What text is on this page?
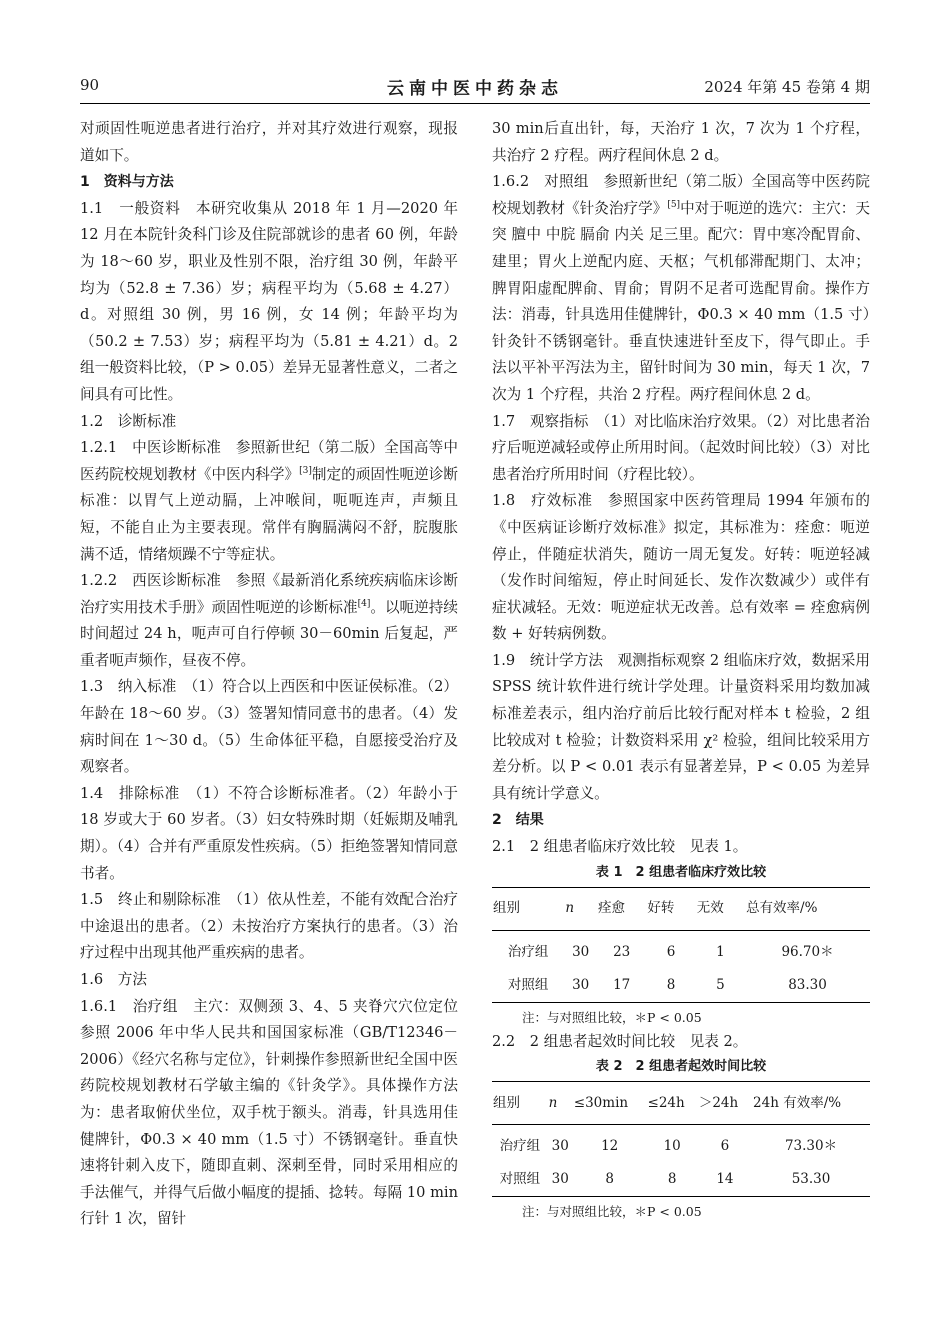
90	云南中医中药杂志	2024 年第 45 卷第 4 期

对顽固性呃逆患者进行治疗，并对其疗效进行观察，现报道如下。

1　资料与方法

1.1　一般资料　本研究收集从 2018 年 1 月—2020 年 12 月在本院针灸科门诊及住院部就诊的患者 60 例，年龄为 18～60 岁，职业及性别不限，治疗组 30 例，年龄平均为（52.8 ± 7.36）岁；病程平均为（5.68 ± 4.27）d。对照组 30 例，男 16 例，女 14 例；年龄平均为（50.2 ± 7.53）岁；病程平均为（5.81 ± 4.21）d。2 组一般资料比较，（P > 0.05）差异无显著性意义，二者之间具有可比性。

1.2　诊断标准

1.2.1　中医诊断标准　参照新世纪（第二版）全国高等中医药院校规划教材《中医内科学》[3]制定的顽固性呃逆诊断标准：以胃气上逆动膈，上冲喉间，呃呃连声，声频且短，不能自止为主要表现。常伴有胸膈满闷不舒，脘腹胀满不适，情绪烦躁不宁等症状。

1.2.2　西医诊断标准　参照《最新消化系统疾病临床诊断治疗实用技术手册》顽固性呃逆的诊断标准[4]。以呃逆持续时间超过 24 h，呃声可自行停顿 30－60min 后复起，严重者呃声频作，昼夜不停。

1.3　纳入标准　（1）符合以上西医和中医证侯标准。（2）年龄在 18～60 岁。（3）签署知情同意书的患者。（4）发病时间在 1～30 d。（5）生命体征平稳，自愿接受治疗及观察者。

1.4　排除标准　（1）不符合诊断标准者。（2）年龄小于 18 岁或大于 60 岁者。（3）妇女特殊时期（妊娠期及哺乳期）。（4）合并有严重原发性疾病。（5）拒绝签署知情同意书者。

1.5　终止和剔除标准　（1）依从性差，不能有效配合治疗中途退出的患者。（2）未按治疗方案执行的患者。（3）治疗过程中出现其他严重疾病的患者。

1.6　方法

1.6.1　治疗组　主穴：双侧颈 3、4、5 夹脊穴穴位定位参照 2006 年中华人民共和国国家标准（GB/T12346－2006）《经穴名称与定位》，针刺操作参照新世纪全国中医药院校规划教材石学敏主编的《针灸学》。具体操作方法为：患者取俯伏坐位，双手枕于额头。消毒，针具选用佳健牌针，Φ0.3 × 40 mm（1.5 寸）不锈钢毫针。垂直快速将针刺入皮下，随即直刺、深刺至骨，同时采用相应的手法催气，并得气后做小幅度的提插、捻转。每隔 10 min 行针 1 次，留针

30 min后直出针，每，天治疗 1 次，7 次为 1 个疗程，共治疗 2 疗程。两疗程间休息 2 d。

1.6.2　对照组　参照新世纪（第二版）全国高等中医药院校规划教材《针灸治疗学》[5]中对于呃逆的选穴：主穴：天突 膻中 中脘 膈俞 内关 足三里。配穴：胃中寒冷配胃俞、建里；胃火上逆配内庭、天枢；气机郁滞配期门、太冲；脾胃阳虚配脾俞、胃俞；胃阴不足者可选配胃俞。操作方法：消毒，针具选用佳健牌针，Φ0.3 × 40 mm（1.5 寸）针灸针不锈钢毫针。垂直快速进针至皮下，得气即止。手法以平补平泻法为主，留针时间为 30 min，每天 1 次，7 次为 1 个疗程，共治 2 疗程。两疗程间休息 2 d。

1.7　观察指标　（1）对比临床治疗效果。（2）对比患者治疗后呃逆减轻或停止所用时间。（起效时间比较）（3）对比患者治疗所用时间（疗程比较）。

1.8　疗效标准　参照国家中医药管理局 1994 年颁布的《中医病证诊断疗效标准》拟定，其标准为：痊愈：呃逆停止，伴随症状消失，随访一周无复发。好转：呃逆轻减（发作时间缩短，停止时间延长、发作次数减少）或伴有症状减轻。无效：呃逆症状无改善。总有效率 = 痊愈病例数 + 好转病例数。

1.9　统计学方法　观测指标观察 2 组临床疗效，数据采用 SPSS 统计软件进行统计学处理。计量资料采用均数加减标准差表示，组内治疗前后比较行配对样本 t 检验，2 组比较成对 t 检验；计数资料采用 χ² 检验，组间比较采用方差分析。以 P < 0.01 表示有显著差异，P < 0.05 为差异具有统计学意义。

2　结果

2.1　2 组患者临床疗效比较　见表 1。

表 1　2 组患者临床疗效比较
组别	n	痊愈	好转	无效	总有效率/%
治疗组	30	23	6	1	96.70＊
对照组	30	17	8	5	83.30
注：与对照组比较，＊P < 0.05

2.2　2 组患者起效时间比较　见表 2。

表 2　2 组患者起效时间比较
组别	n	≤30min	≤24h	＞24h	24h 有效率/%
治疗组	30	12	10	6	73.30＊
对照组	30	8	8	14	53.30
注：与对照组比较，＊P < 0.05
